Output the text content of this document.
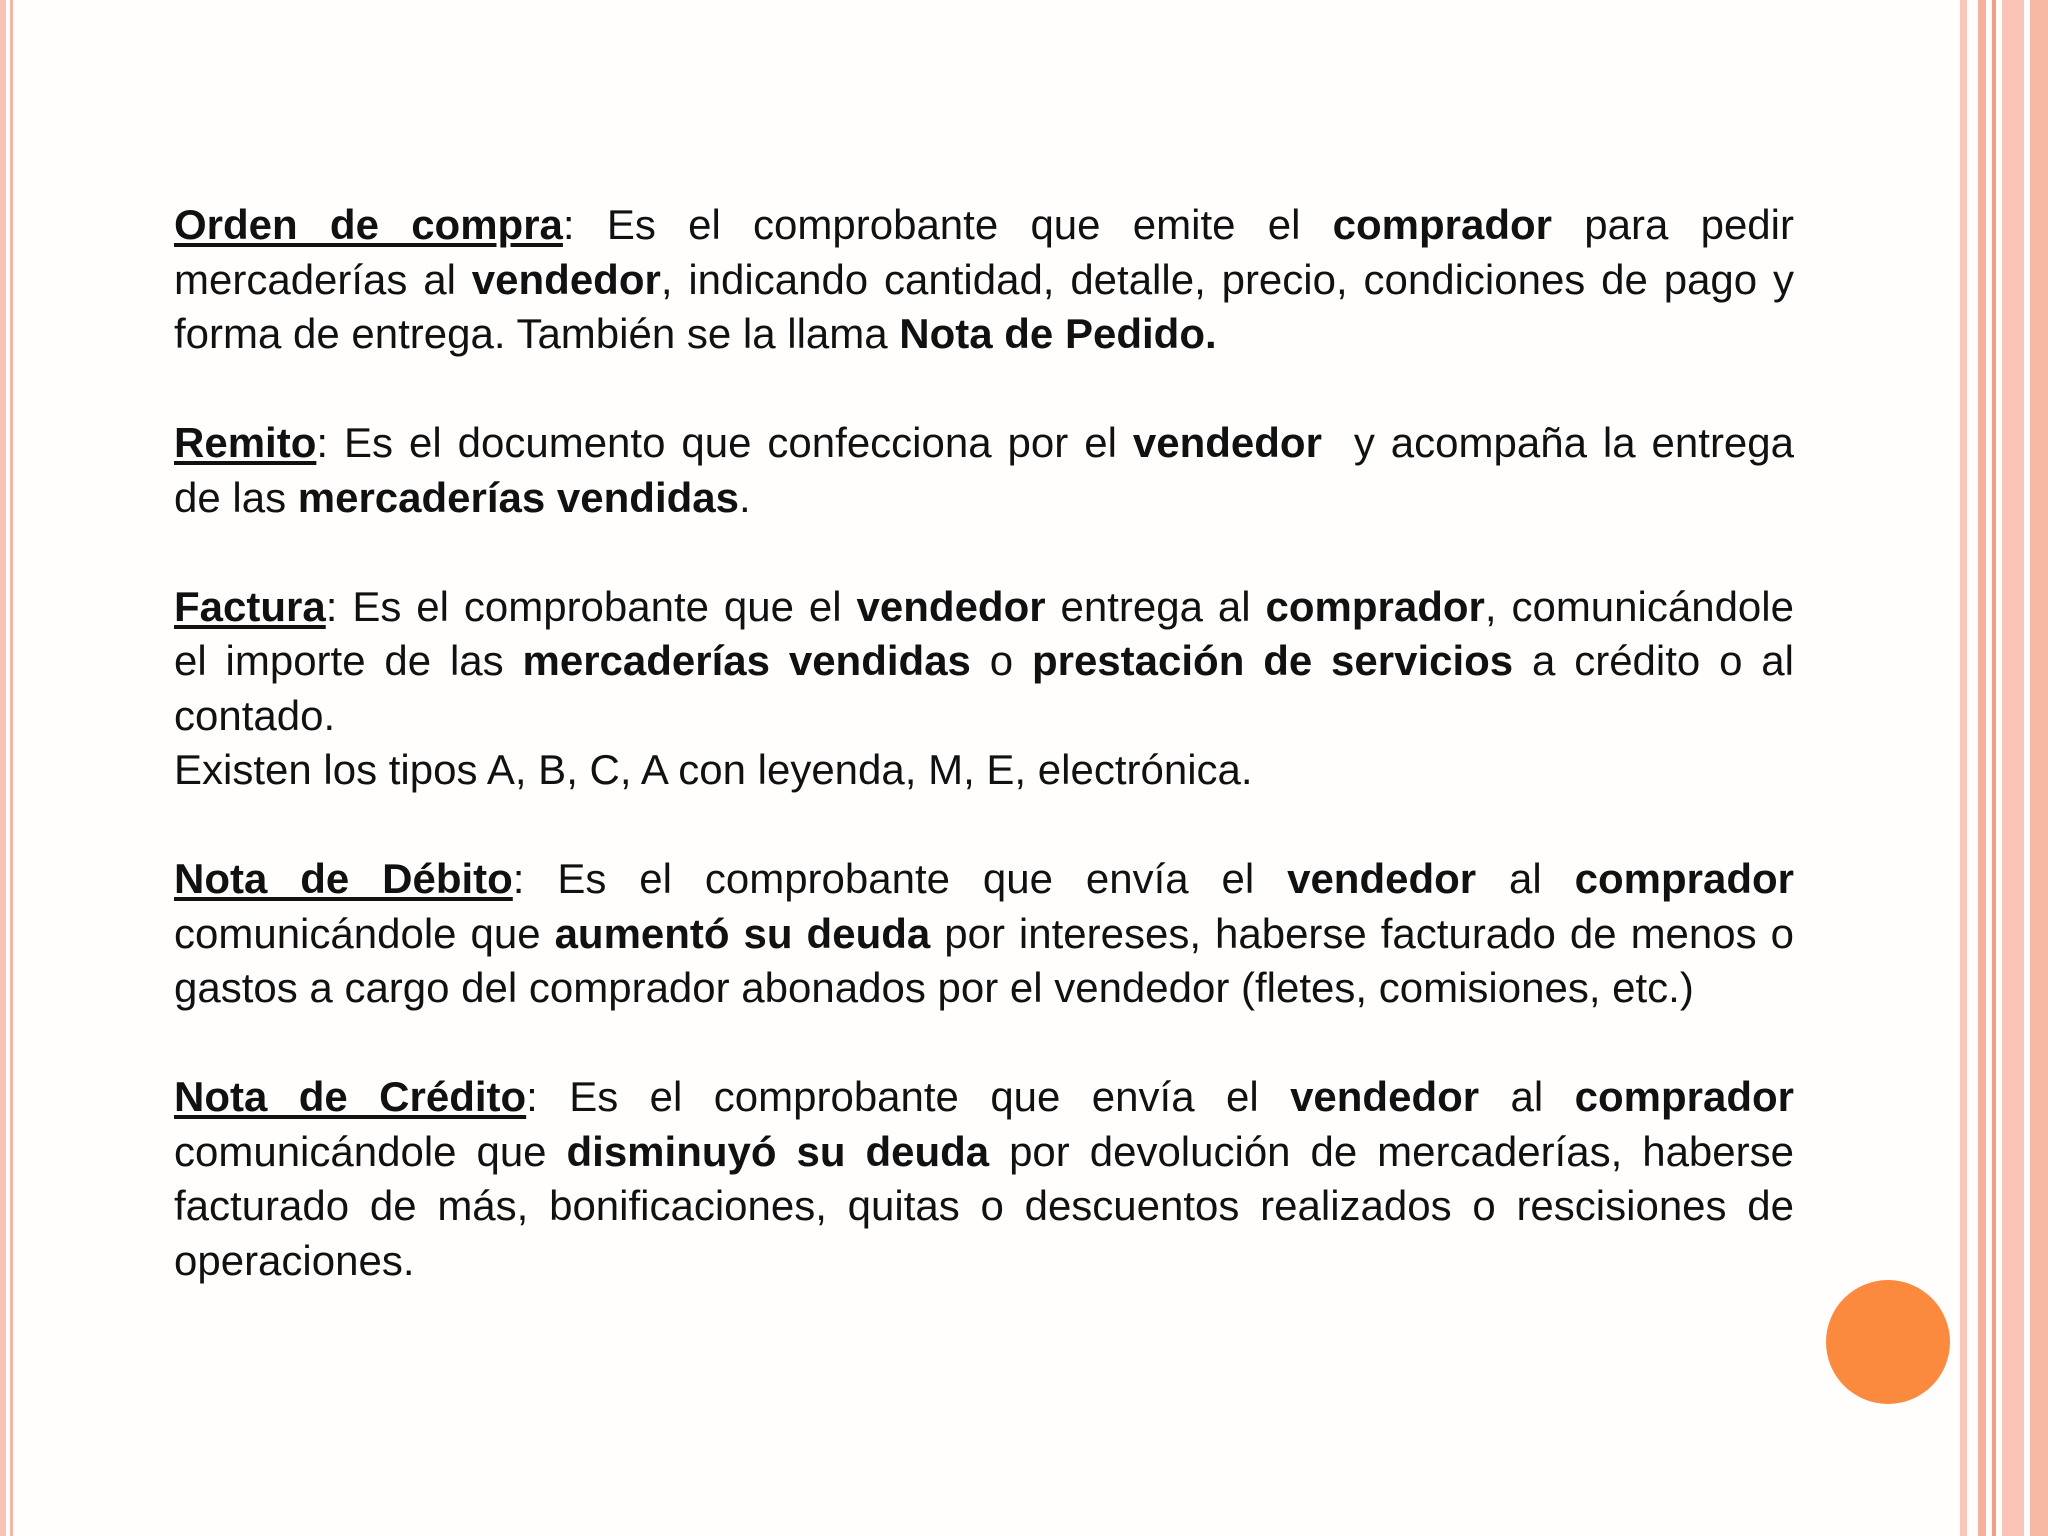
Orden de compra: Es el comprobante que emite el comprador para pedir mercaderías al vendedor, indicando cantidad, detalle, precio, condiciones de pago y forma de entrega. También se la llama Nota de Pedido.

Remito: Es el documento que confecciona por el vendedor  y acompaña la entrega de las mercaderías vendidas.

Factura: Es el comprobante que el vendedor entrega al comprador, comunicándole el importe de las mercaderías vendidas o prestación de servicios a crédito o al contado.
Existen los tipos A, B, C, A con leyenda, M, E, electrónica.

Nota de Débito: Es el comprobante que envía el vendedor al comprador comunicándole que aumentó su deuda por intereses, haberse facturado de menos o gastos a cargo del comprador abonados por el vendedor (fletes, comisiones, etc.)

Nota de Crédito: Es el comprobante que envía el vendedor al comprador comunicándole que disminuyó su deuda por devolución de mercaderías, haberse facturado de más, bonificaciones, quitas o descuentos realizados o rescisiones de operaciones.
